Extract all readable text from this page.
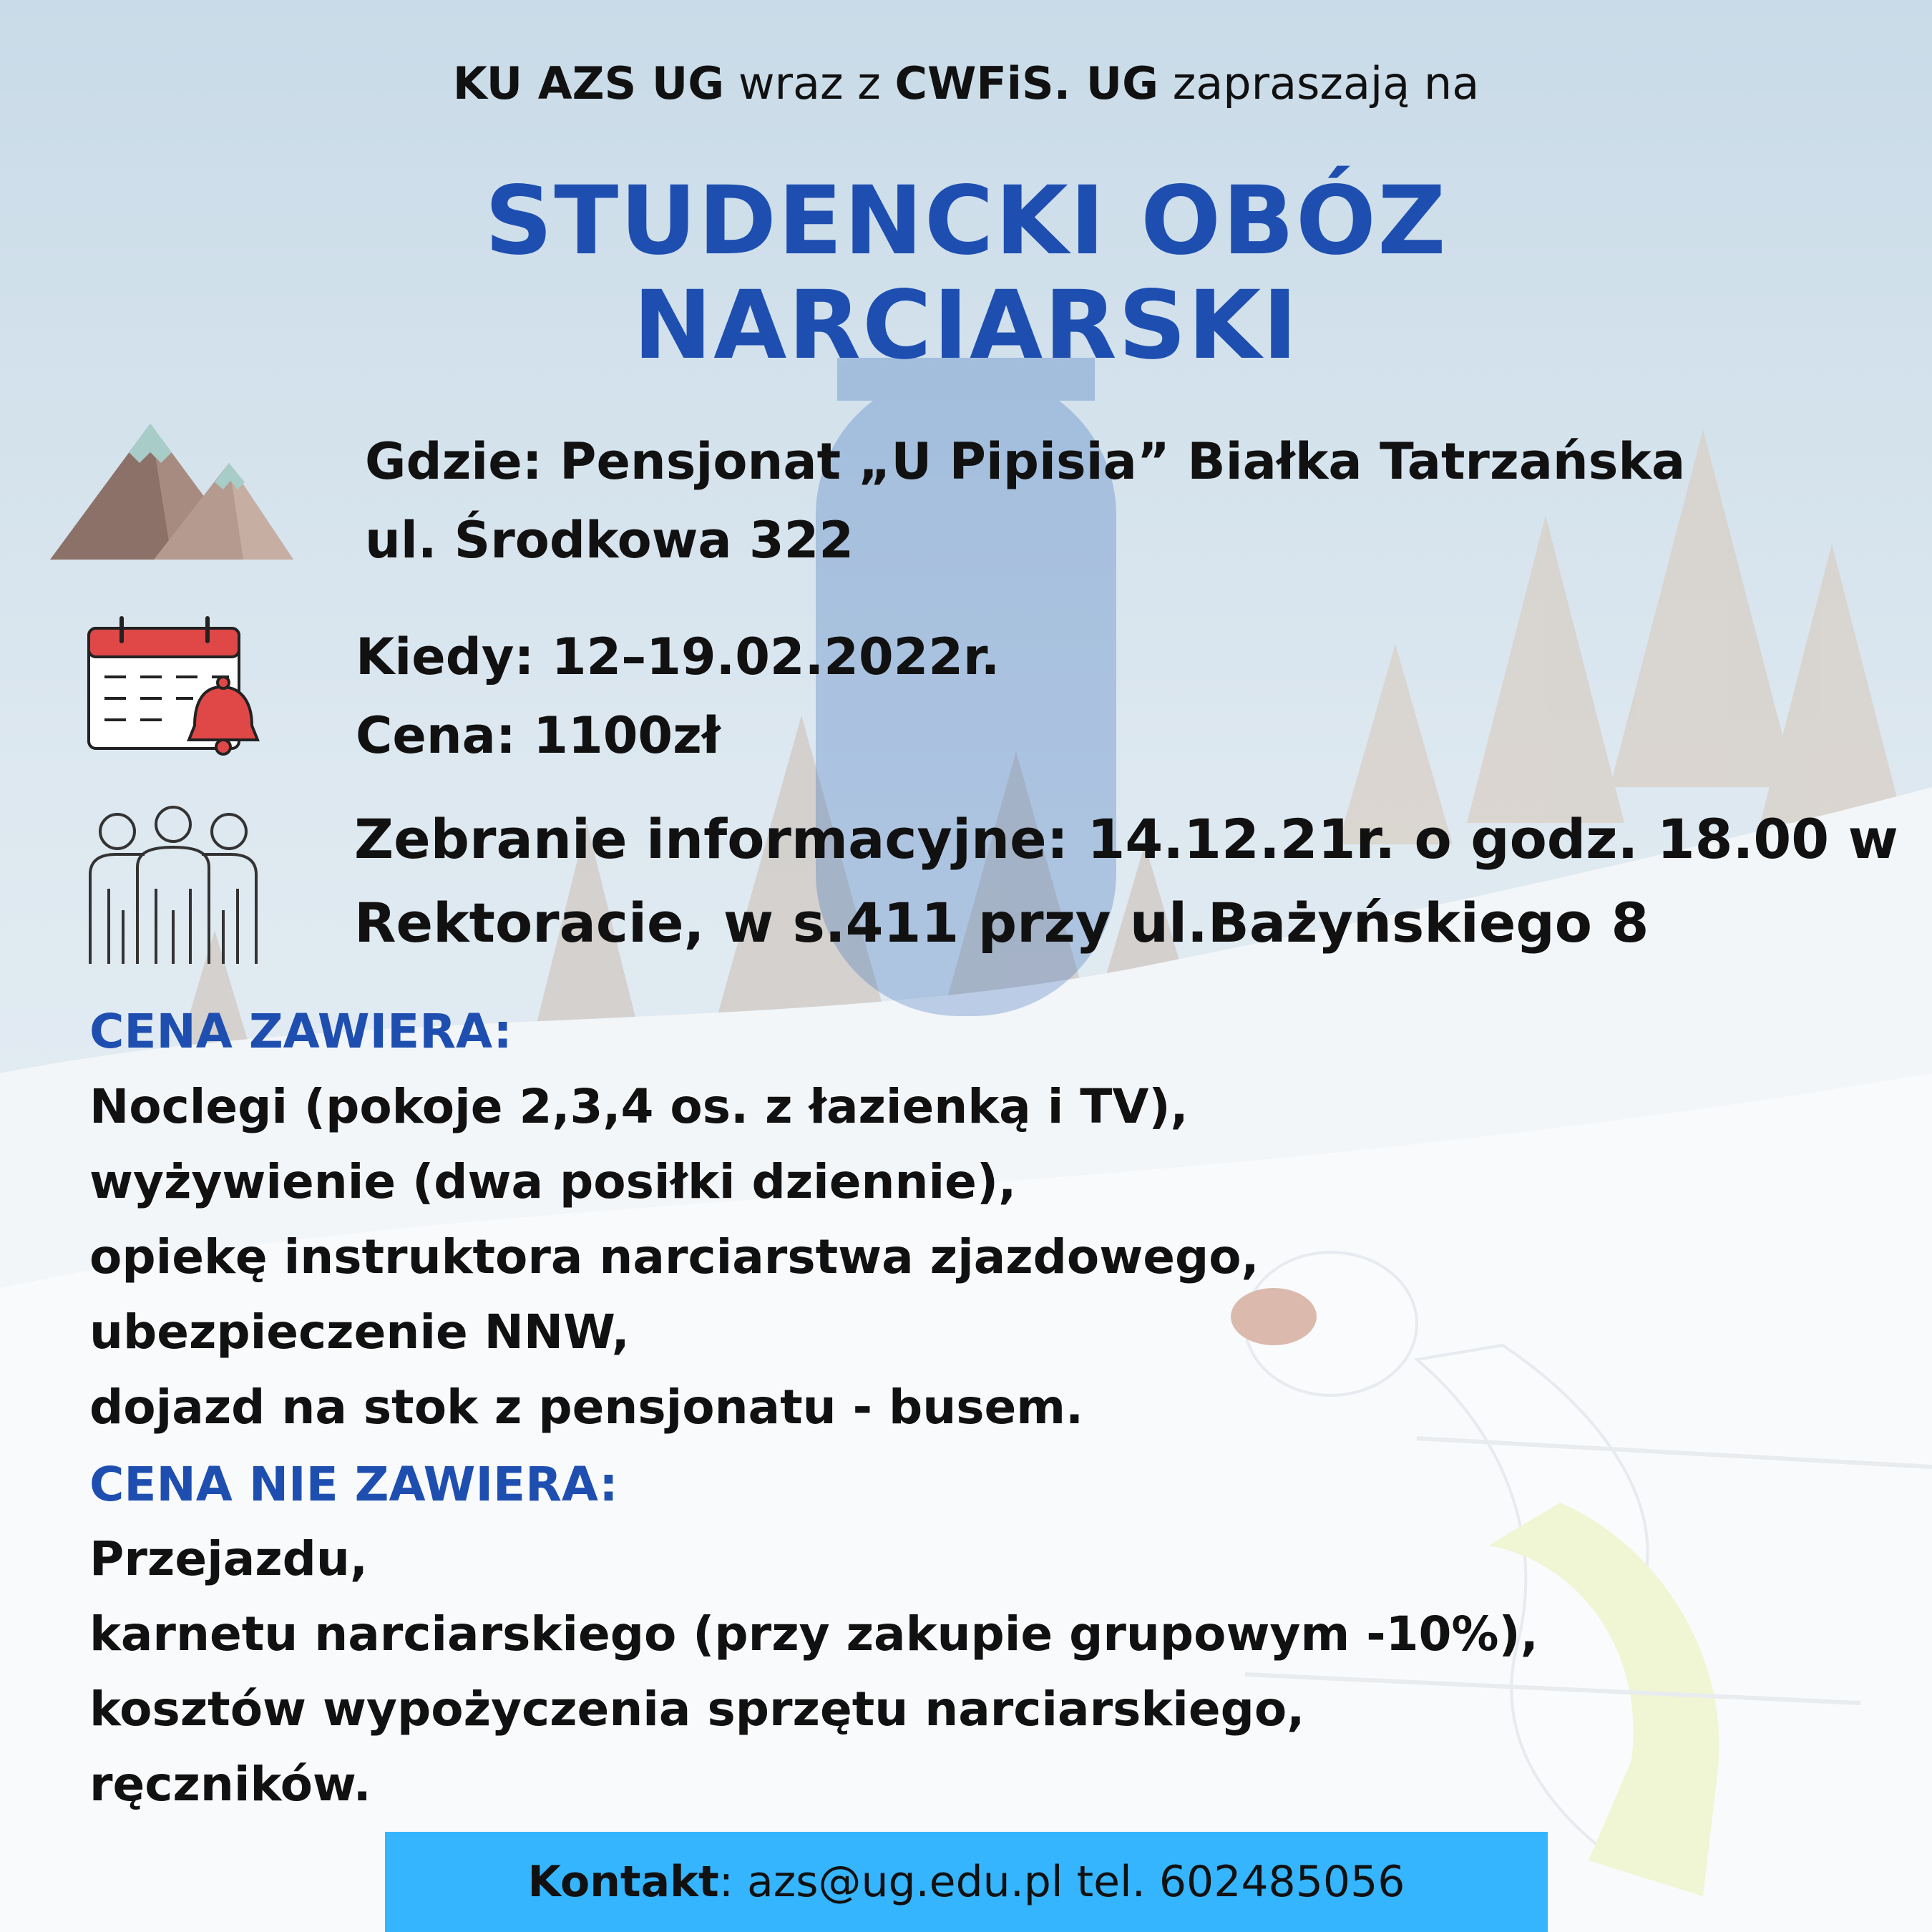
KU AZS UG wraz z CWFiS. UG zapraszają na
STUDENCKI OBÓZ
NARCIARSKI
Gdzie: Pensjonat „U Pipisia” Białka Tatrzańska
ul. Środkowa 322
Kiedy: 12–19.02.2022r.
Cena: 1100zł
Zebranie informacyjne: 14.12.21r. o godz. 18.00 w
Rektoracie, w s.411 przy ul.Bażyńskiego 8
CENA ZAWIERA:
Noclegi (pokoje 2,3,4 os. z łazienką i TV),
wyżywienie (dwa posiłki dziennie),
opiekę instruktora narciarstwa zjazdowego,
ubezpieczenie NNW,
dojazd na stok z pensjonatu - busem.
CENA NIE ZAWIERA:
Przejazdu,
karnetu narciarskiego (przy zakupie grupowym -10%),
kosztów wypożyczenia sprzętu narciarskiego,
ręczników.
Kontakt: azs@ug.edu.pl tel. 602485056
